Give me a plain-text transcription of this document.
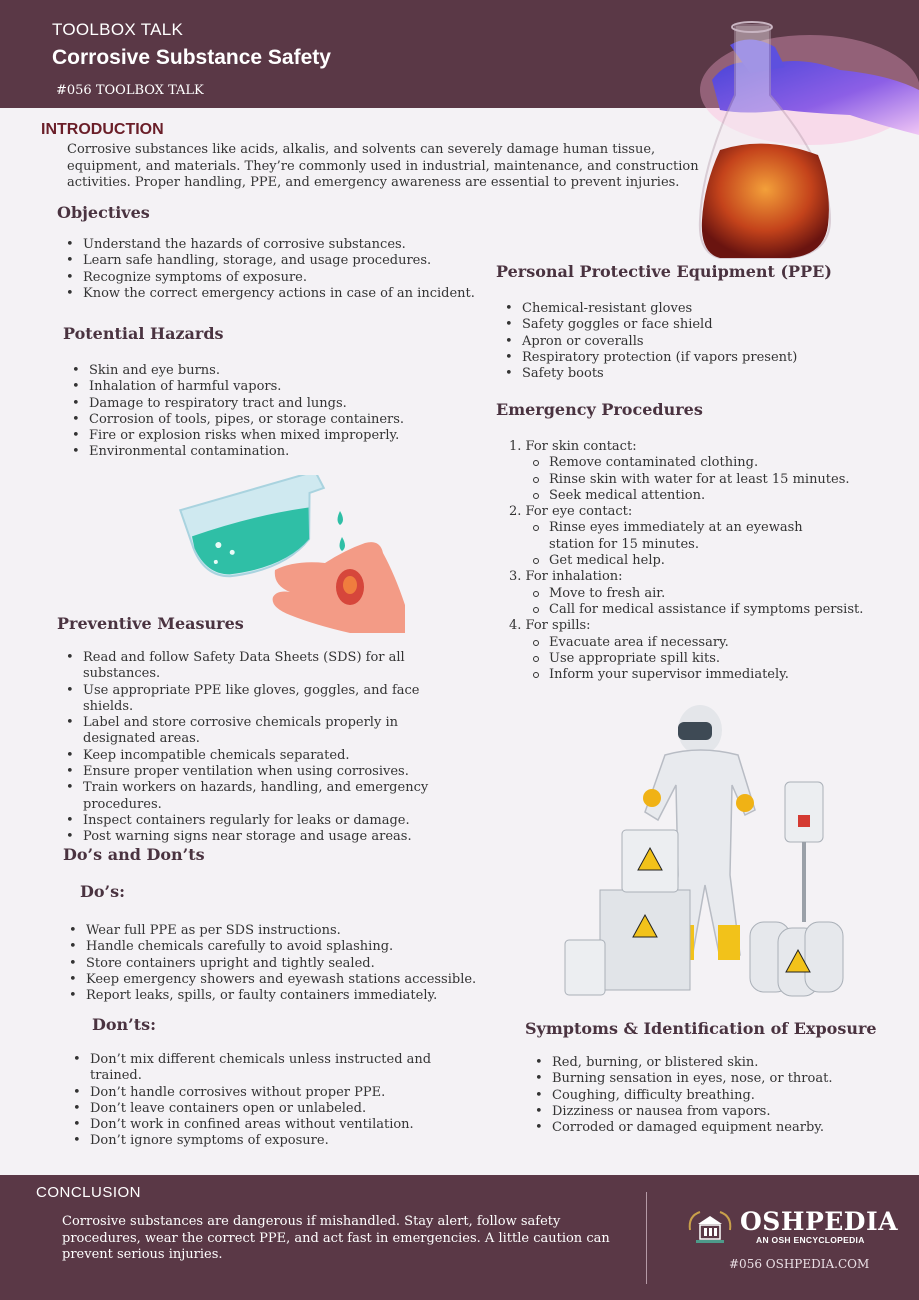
TOOLBOX TALK
Corrosive Substance Safety
#056 TOOLBOX TALK
INTRODUCTION
Corrosive substances like acids, alkalis, and solvents can severely damage human tissue,
equipment, and materials. They’re commonly used in industrial, maintenance, and construction
activities. Proper handling, PPE, and emergency awareness are essential to prevent injuries.
Objectives
• Understand the hazards of corrosive substances.
• Learn safe handling, storage, and usage procedures.
• Recognize symptoms of exposure.
• Know the correct emergency actions in case of an incident.
Potential Hazards
• Skin and eye burns.
• Inhalation of harmful vapors.
• Damage to respiratory tract and lungs.
• Corrosion of tools, pipes, or storage containers.
• Fire or explosion risks when mixed improperly.
• Environmental contamination.
Preventive Measures
• Read and follow Safety Data Sheets (SDS) for all substances.
• Use appropriate PPE like gloves, goggles, and face shields.
• Label and store corrosive chemicals properly in designated areas.
• Keep incompatible chemicals separated.
• Ensure proper ventilation when using corrosives.
• Train workers on hazards, handling, and emergency procedures.
• Inspect containers regularly for leaks or damage.
• Post warning signs near storage and usage areas.
Do’s and Don’ts
Do’s:
• Wear full PPE as per SDS instructions.
• Handle chemicals carefully to avoid splashing.
• Store containers upright and tightly sealed.
• Keep emergency showers and eyewash stations accessible.
• Report leaks, spills, or faulty containers immediately.
Don’ts:
• Don’t mix different chemicals unless instructed and trained.
• Don’t handle corrosives without proper PPE.
• Don’t leave containers open or unlabeled.
• Don’t work in confined areas without ventilation.
• Don’t ignore symptoms of exposure.
Personal Protective Equipment (PPE)
• Chemical-resistant gloves
• Safety goggles or face shield
• Apron or coveralls
• Respiratory protection (if vapors present)
• Safety boots
Emergency Procedures
1. For skin contact:
Remove contaminated clothing.
Rinse skin with water for at least 15 minutes.
Seek medical attention.
2. For eye contact:
Rinse eyes immediately at an eyewash station for 15 minutes.
Get medical help.
3. For inhalation:
Move to fresh air.
Call for medical assistance if symptoms persist.
4. For spills:
Evacuate area if necessary.
Use appropriate spill kits.
Inform your supervisor immediately.
Symptoms & Identification of Exposure
• Red, burning, or blistered skin.
• Burning sensation in eyes, nose, or throat.
• Coughing, difficulty breathing.
• Dizziness or nausea from vapors.
• Corroded or damaged equipment nearby.
CONCLUSION
Corrosive substances are dangerous if mishandled. Stay alert, follow safety procedures, wear the correct PPE, and act fast in emergencies. A little caution can prevent serious injuries.
OSHPEDIA
AN OSH ENCYCLOPEDIA
#056 OSHPEDIA.COM
